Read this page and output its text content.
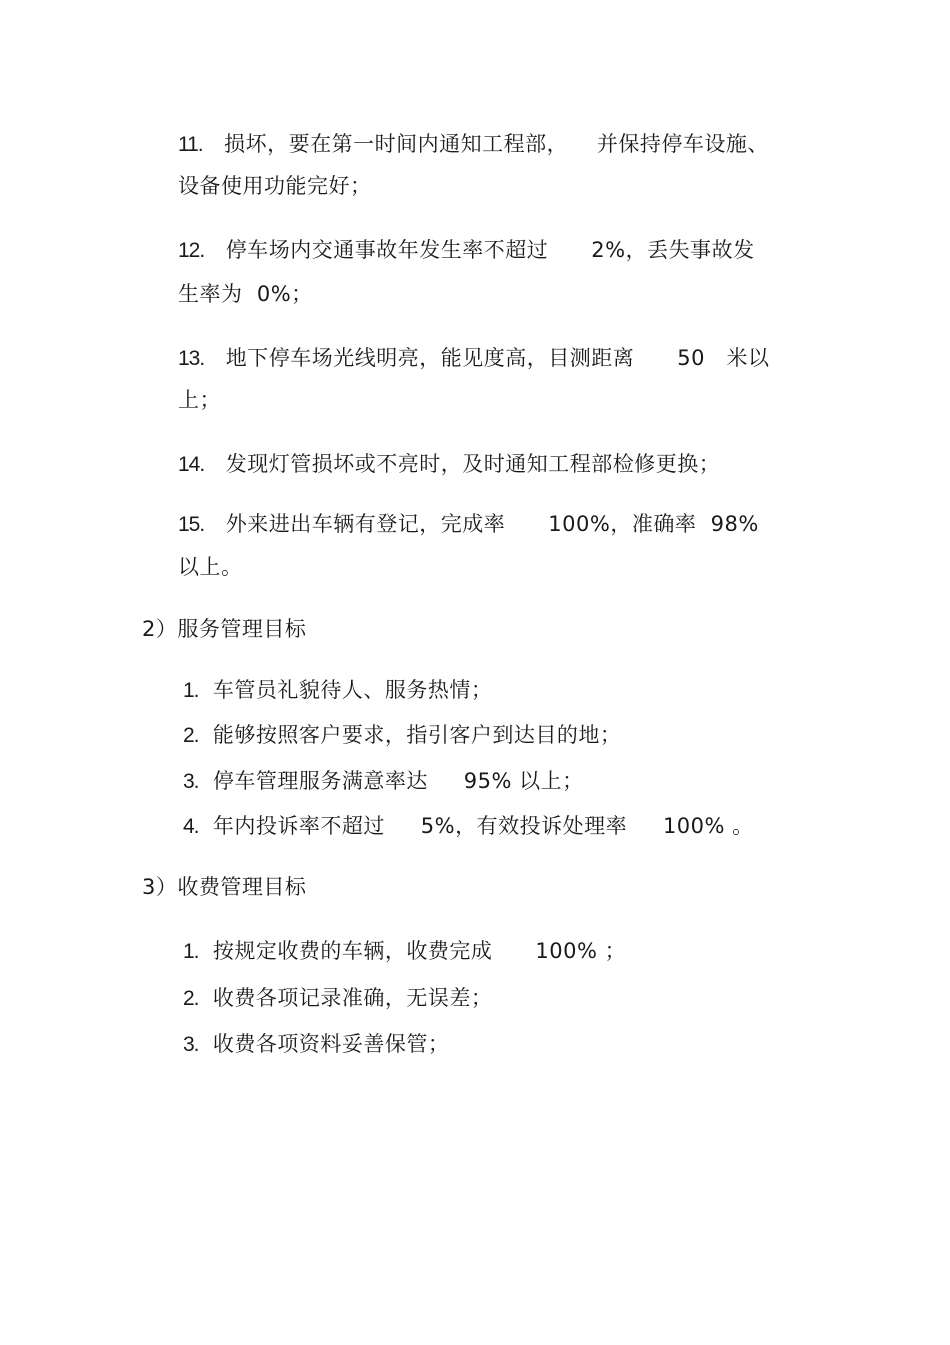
11. 损坏，要在第一时间内通知工程部，    并保持停车设施、
设备使用功能完好；
12. 停车场内交通事故年发生率不超过      2%，丢失事故发
生率为  0%；
13. 地下停车场光线明亮，能见度高，目测距离      50   米以
上；
14. 发现灯管损坏或不亮时，及时通知工程部检修更换；
15. 外来进出车辆有登记，完成率      100%，准确率  98%
以上。
2）服务管理目标
1. 车管员礼貌待人、服务热情；
2. 能够按照客户要求，指引客户到达目的地；
3. 停车管理服务满意率达     95% 以上；
4. 年内投诉率不超过     5%，有效投诉处理率     100% 。
3）收费管理目标
1. 按规定收费的车辆，收费完成      100% ；
2. 收费各项记录准确，无误差；
3. 收费各项资料妥善保管；
